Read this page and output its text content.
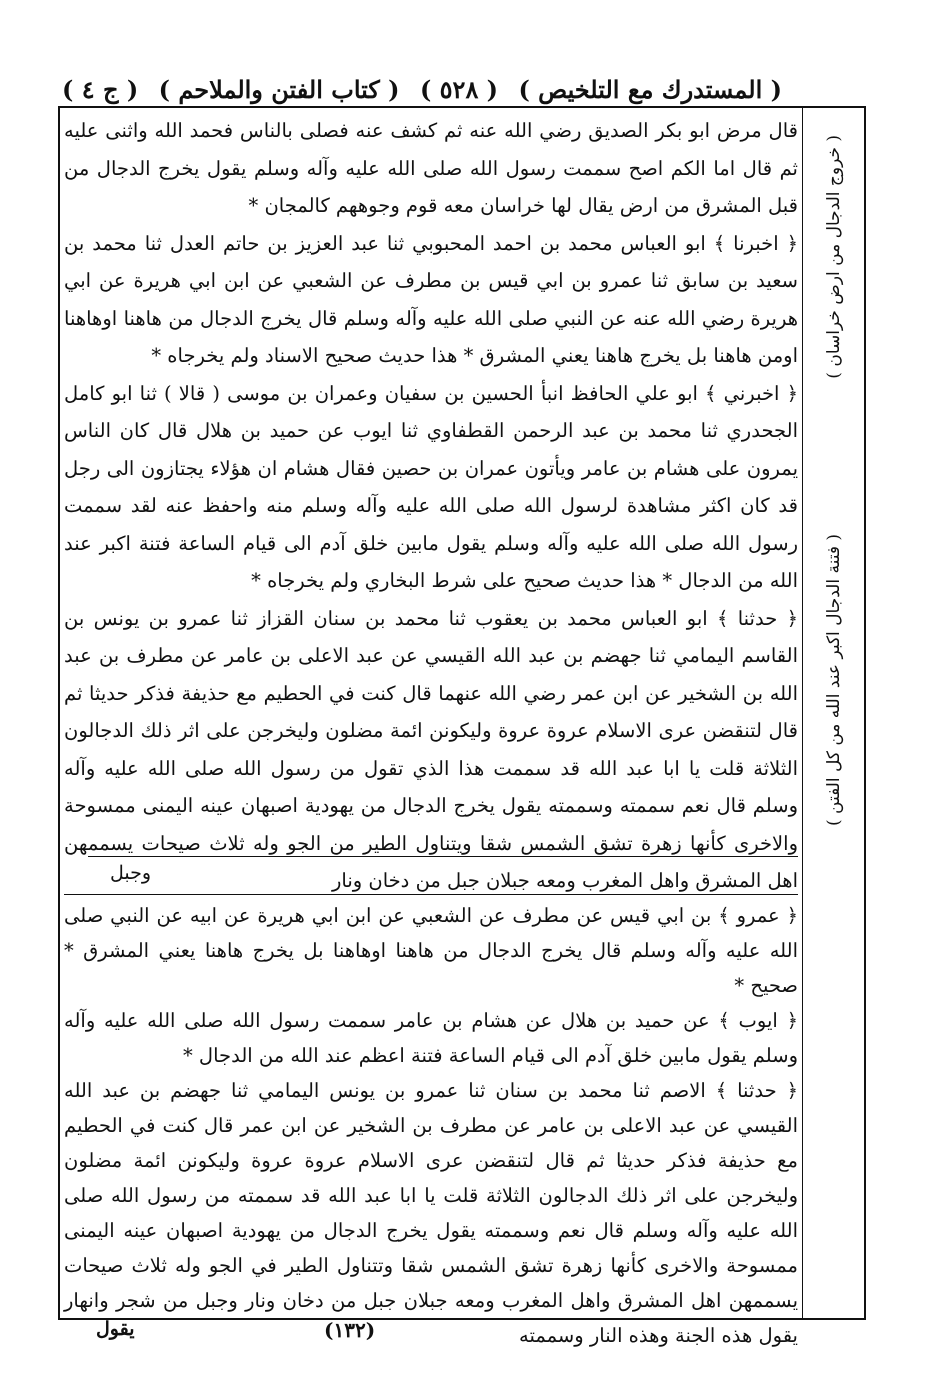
( المستدرك مع التلخيص )
( ٥٢٨ )
( كتاب الفتن والملاحم )
( ج ٤ )
( خروج الدجال من ارض خراسان )
( فتنة الدجال اكبر عند الله من كل الفتن )

قال مرض ابو بكر الصديق رضي الله عنه ثم كشف عنه فصلى بالناس فحمد الله واثنى عليه ثم قال اما الكم اصح سممت رسول الله صلى الله عليه وآله وسلم يقول يخرج الدجال من قبل المشرق من ارض يقال لها خراسان معه قوم وجوههم كالمجان *

﴿ اخبرنا ﴾ ابو العباس محمد بن احمد المحبوبي ثنا عبد العزيز بن حاتم العدل ثنا محمد بن سعيد بن سابق ثنا عمرو بن ابي قيس بن مطرف عن الشعبي عن ابن ابي هريرة عن ابي هريرة رضي الله عنه عن النبي صلى الله عليه وآله وسلم قال يخرج الدجال من هاهنا اوهاهنا اومن هاهنا بل يخرج هاهنا يعني المشرق * هذا حديث صحيح الاسناد ولم يخرجاه *

﴿ اخبرني ﴾ ابو علي الحافظ انبأ الحسين بن سفيان وعمران بن موسى ( قالا ) ثنا ابو كامل الجحدري ثنا محمد بن عبد الرحمن القطفاوي ثنا ايوب عن حميد بن هلال قال كان الناس يمرون على هشام بن عامر ويأتون عمران بن حصين فقال هشام ان هؤلاء يجتازون الى رجل قد كان اكثر مشاهدة لرسول الله صلى الله عليه وآله وسلم منه واحفظ عنه لقد سممت رسول الله صلى الله عليه وآله وسلم يقول مابين خلق آدم الى قيام الساعة فتنة اكبر عند الله من الدجال * هذا حديث صحيح على شرط البخاري ولم يخرجاه *

﴿ حدثنا ﴾ ابو العباس محمد بن يعقوب ثنا محمد بن سنان القزاز ثنا عمرو بن يونس بن القاسم اليمامي ثنا جهضم بن عبد الله القيسي عن عبد الاعلى بن عامر عن مطرف بن عبد الله بن الشخير عن ابن عمر رضي الله عنهما قال كنت في الحطيم مع حذيفة فذكر حديثا ثم قال لتنقضن عرى الاسلام عروة عروة وليكونن ائمة مضلون وليخرجن على اثر ذلك الدجالون الثلاثة قلت يا ابا عبد الله قد سممت هذا الذي تقول من رسول الله صلى الله عليه وآله وسلم قال نعم سممته وسممته يقول يخرج الدجال من يهودية اصبهان عينه اليمنى ممسوحة والاخرى كأنها زهرة تشق الشمس شقا ويتناول الطير من الجو وله ثلاث صيحات يسممهن اهل المشرق واهل المغرب ومعه جبلان جبل من دخان ونار

وجبل

﴿ عمرو ﴾ بن ابي قيس عن مطرف عن الشعبي عن ابن ابي هريرة عن ابيه عن النبي صلى الله عليه وآله وسلم قال يخرج الدجال من هاهنا اوهاهنا بل يخرج هاهنا يعني المشرق * صحيح *

﴿ ايوب ﴾ عن حميد بن هلال عن هشام بن عامر سممت رسول الله صلى الله عليه وآله وسلم يقول مابين خلق آدم الى قيام الساعة فتنة اعظم عند الله من الدجال *

﴿ حدثنا ﴾ الاصم ثنا محمد بن سنان ثنا عمرو بن يونس اليمامي ثنا جهضم بن عبد الله القيسي عن عبد الاعلى بن عامر عن مطرف بن الشخير عن ابن عمر قال كنت في الحطيم مع حذيفة فذكر حديثا ثم قال لتنقضن عرى الاسلام عروة عروة وليكونن ائمة مضلون وليخرجن على اثر ذلك الدجالون الثلاثة قلت يا ابا عبد الله قد سممته من رسول الله صلى الله عليه وآله وسلم قال نعم وسممته يقول يخرج الدجال من يهودية اصبهان عينه اليمنى ممسوحة والاخرى كأنها زهرة تشق الشمس شقا وتتناول الطير في الجو وله ثلاث صيحات يسممهن اهل المشرق واهل المغرب ومعه جبلان جبل من دخان ونار وجبل من شجر وانهار يقول هذه الجنة وهذه النار وسممته

يقول	(١٣٢)
